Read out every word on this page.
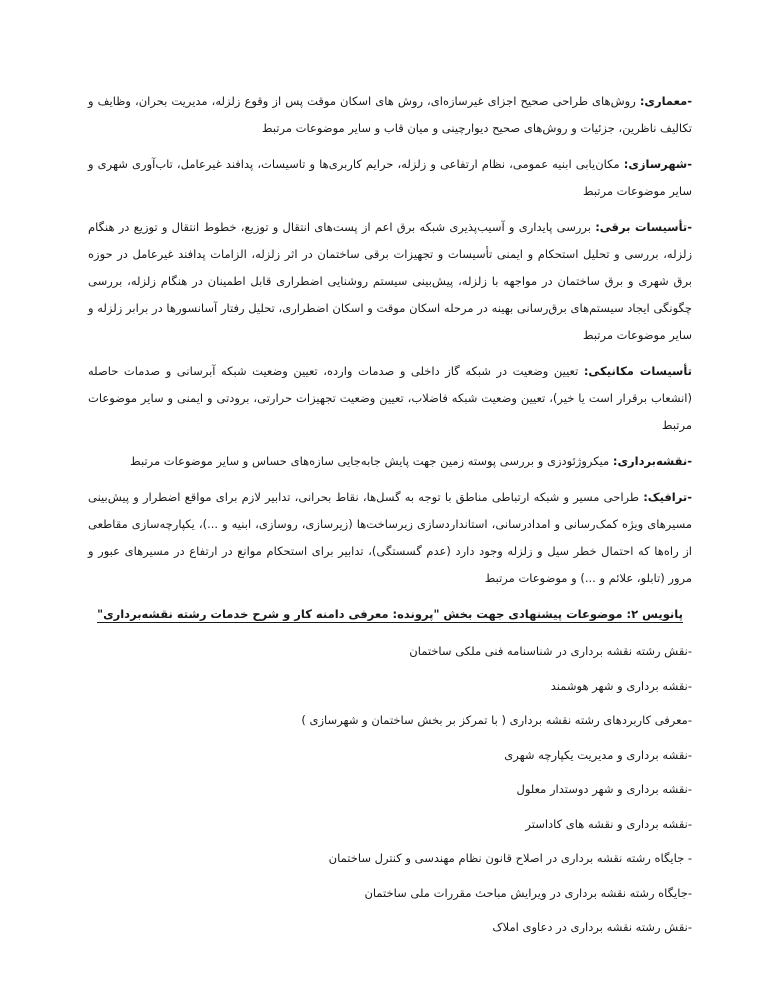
-معماری: روش‌های طراحی صحیح اجزای غیرسازه‌ای، روش های اسکان موقت پس از وقوع زلزله، مدیریت بحران، وظایف و تکالیف ناظرین، جزئیات و روش‌های صحیح دیوارچینی و میان قاب و سایر موضوعات مرتبط

-شهرسازی: مکان‌یابی ابنیه عمومی، نظام ارتفاعی و زلزله، حرایم کاربری‌ها و تاسیسات، پدافند غیرعامل، تاب‌آوری شهری و سایر موضوعات مرتبط

-تأسیسات برقی: بررسی پایداری و آسیب‌پذیری شبکه برق اعم از پست‌های انتقال و توزیع، خطوط انتقال و توزیع در هنگام زلزله، بررسی و تحلیل استحکام و ایمنی تأسیسات و تجهیزات برقی ساختمان در اثر زلزله، الزامات پدافند غیرعامل در حوزه برق شهری و برق ساختمان در مواجهه با زلزله، پیش‌بینی سیستم روشنایی اضطراری قابل اطمینان در هنگام زلزله، بررسی چگونگی ایجاد سیستم‌های برق‌رسانی بهینه در مرحله اسکان موقت و اسکان اضطراری، تحلیل رفتار آسانسورها در برابر زلزله و سایر موضوعات مرتبط

تأسیسات مکانیکی: تعیین وضعیت در شبکه گاز داخلی و صدمات وارده، تعیین وضعیت شبکه آبرسانی و صدمات حاصله (انشعاب برقرار است یا خیر)، تعیین وضعیت شبکه فاضلاب، تعیین وضعیت تجهیزات حرارتی، برودتی و ایمنی و سایر موضوعات مرتبط

-نقشه‌برداری: میکروژئودزی و بررسی پوسته زمین جهت پایش جابه‌جایی سازه‌های حساس و سایر موضوعات مرتبط

-ترافیک: طراحی مسیر و شبکه ارتباطی مناطق با توجه به گسل‌ها، نقاط بحرانی، تدابیر لازم برای مواقع اضطرار و پیش‌بینی مسیرهای ویژه کمک‌رسانی و امدادرسانی، استانداردسازی زیرساخت‌ها (زیرسازی، روسازی، ابنیه و ...)، یکپارچه‌سازی مقاطعی از راه‌ها که احتمال خطر سیل و زلزله وجود دارد (عدم گسستگی)، تدابیر برای استحکام موانع در ارتفاع در مسیرهای عبور و مرور (تابلو، علائم و ...) و موضوعات مرتبط

پانویس ۲: موضوعات پیشنهادی جهت بخش "پرونده: معرفی دامنه کار و شرح خدمات رشته نقشه‌برداری"
-نقش رشته نقشه برداری در شناسنامه فنی ملکی ساختمان
-نقشه برداری و شهر هوشمند
-معرفی کاربردهای رشته نقشه برداری ( با تمرکز بر بخش ساختمان و شهرسازی )
-نقشه برداری و مدیریت یکپارچه شهری
-نقشه برداری و شهر دوستدار معلول
-نقشه برداری و نقشه های کاداستر
- جایگاه رشته نقشه برداری در اصلاح قانون نظام مهندسی و کنترل ساختمان
-جایگاه رشته نقشه برداری در ویرایش مباحث مقررات ملی ساختمان
-نقش رشته نقشه برداری در دعاوی املاک
